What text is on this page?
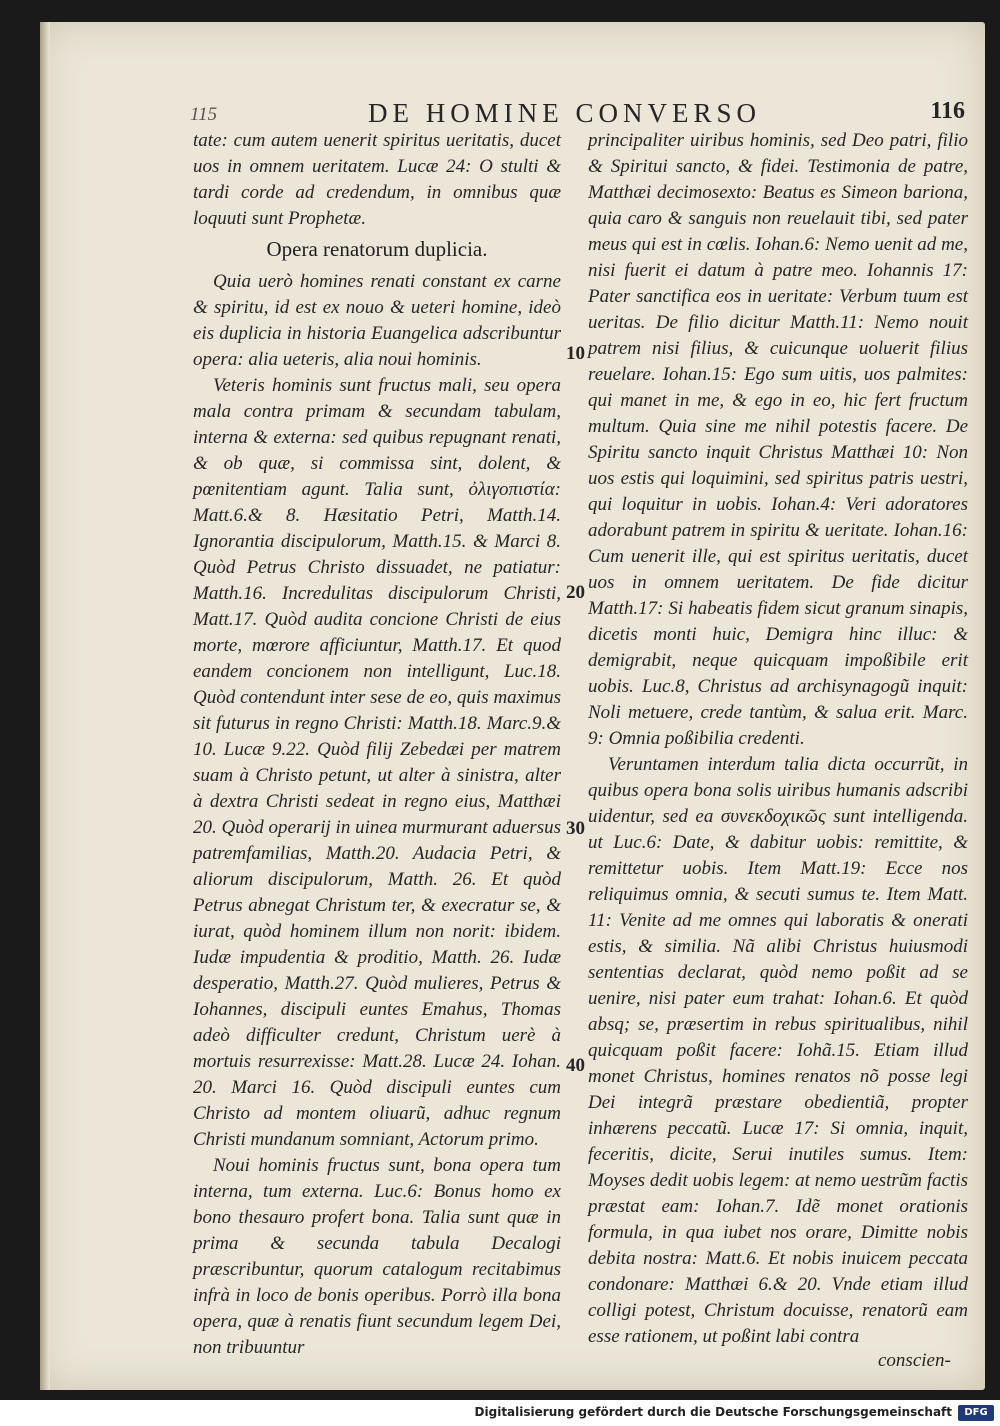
115	DE HOMINE CONVERSO	116

tate: cum autem uenerit spiritus ueritatis, ducet uos in omnem ueritatem. Lucæ 24: O stulti & tardi corde ad credendum, in omnibus quæ loquuti sunt Prophetæ.

Opera renatorum duplicia.

Quia uerò homines renati constant ex carne & spiritu, id est ex nouo & ueteri homine, ideò eis duplicia in historia Euangelica adscribuntur opera: alia ueteris, alia noui hominis.

Veteris hominis sunt fructus mali, seu opera mala contra primam & secundam tabulam, interna & externa: sed quibus repugnant renati, & ob quæ, si commissa sint, dolent, & pœnitentiam agunt. Talia sunt, ὀλιγοπιστία: Matt.6.& 8. Hæsitatio Petri, Matth.14. Ignorantia discipulorum, Matth.15. & Marci 8. Quòd Petrus Christo dissuadet, ne patiatur: Matth.16. Incredulitas discipulorum Christi, Matt.17. Quòd audita concione Christi de eius morte, mœrore afficiuntur, Matth.17. Et quod eandem concionem non intelligunt, Luc.18. Quòd contendunt inter sese de eo, quis maximus sit futurus in regno Christi: Matth.18. Marc.9.& 10. Lucæ 9.22. Quòd filij Zebedæi per matrem suam à Christo petunt, ut alter à sinistra, alter à dextra Christi sedeat in regno eius, Matthæi 20. Quòd operarij in uinea murmurant aduersus patremfamilias, Matth.20. Audacia Petri, & aliorum discipulorum, Matth. 26. Et quòd Petrus abnegat Christum ter, & execratur se, & iurat, quòd hominem illum non norit: ibidem. Iudæ impudentia & proditio, Matth. 26. Iudæ desperatio, Matth.27. Quòd mulieres, Petrus & Iohannes, discipuli euntes Emahus, Thomas adeò difficulter credunt, Christum uerè à mortuis resurrexisse: Matt.28. Lucæ 24. Iohan. 20. Marci 16. Quòd discipuli euntes cum Christo ad montem oliuarũ, adhuc regnum Christi mundanum somniant, Actorum primo.

Noui hominis fructus sunt, bona opera tum interna, tum externa. Luc.6: Bonus homo ex bono thesauro profert bona. Talia sunt quæ in prima & secunda tabula Decalogi præscribuntur, quorum catalogum recitabimus infrà in loco de bonis operibus. Porrò illa bona opera, quæ à renatis fiunt secundum legem Dei, non tribuuntur

10
20
30
40

principaliter uiribus hominis, sed Deo patri, filio & Spiritui sancto, & fidei. Testimonia de patre, Matthæi decimosexto: Beatus es Simeon bariona, quia caro & sanguis non reuelauit tibi, sed pater meus qui est in cœlis. Iohan.6: Nemo uenit ad me, nisi fuerit ei datum à patre meo. Iohannis 17: Pater sanctifica eos in ueritate: Verbum tuum est ueritas. De filio dicitur Matth.11: Nemo nouit patrem nisi filius, & cuicunque uoluerit filius reuelare. Iohan.15: Ego sum uitis, uos palmites: qui manet in me, & ego in eo, hic fert fructum multum. Quia sine me nihil potestis facere. De Spiritu sancto inquit Christus Matthæi 10: Non uos estis qui loquimini, sed spiritus patris uestri, qui loquitur in uobis. Iohan.4: Veri adoratores adorabunt patrem in spiritu & ueritate. Iohan.16: Cum uenerit ille, qui est spiritus ueritatis, ducet uos in omnem ueritatem. De fide dicitur Matth.17: Si habeatis fidem sicut granum sinapis, dicetis monti huic, Demigra hinc illuc: & demigrabit, neque quicquam impoßibile erit uobis. Luc.8, Christus ad archisynagogũ inquit: Noli metuere, crede tantùm, & salua erit. Marc. 9: Omnia poßibilia credenti.

Veruntamen interdum talia dicta occurrũt, in quibus opera bona solis uiribus humanis adscribi uidentur, sed ea συνεκδοχικῶς sunt intelligenda. ut Luc.6: Date, & dabitur uobis: remittite, & remittetur uobis. Item Matt.19: Ecce nos reliquimus omnia, & secuti sumus te. Item Matt. 11: Venite ad me omnes qui laboratis & onerati estis, & similia. Nã alibi Christus huiusmodi sententias declarat, quòd nemo poßit ad se uenire, nisi pater eum trahat: Iohan.6. Et quòd absq; se, præsertim in rebus spiritualibus, nihil quicquam poßit facere: Iohã.15. Etiam illud monet Christus, homines renatos nõ posse legi Dei integrã præstare obedientiã, propter inhærens peccatũ. Lucæ 17: Si omnia, inquit, feceritis, dicite, Serui inutiles sumus. Item: Moyses dedit uobis legem: at nemo uestrũm factis præstat eam: Iohan.7. Idẽ monet orationis formula, in qua iubet nos orare, Dimitte nobis debita nostra: Matt.6. Et nobis inuicem peccata condonare: Matthæi 6.& 20. Vnde etiam illud colligi potest, Christum docuisse, renatorũ eam esse rationem, ut poßint labi contra

conscien-
Digitalisierung gefördert durch die Deutsche Forschungsgemeinschaft	DFG
